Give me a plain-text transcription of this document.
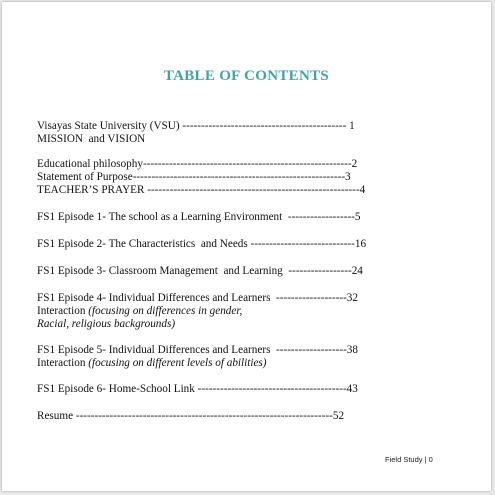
TABLE OF CONTENTS
Visayas State University (VSU) -------------------------------------------- 1
MISSION  and VISION
Educational philosophy--------------------------------------------------------2
Statement of Purpose---------------------------------------------------------3
TEACHER’S PRAYER ---------------------------------------------------------4
FS1 Episode 1- The school as a Learning Environment  ------------------5
FS1 Episode 2- The Characteristics  and Needs ----------------------------16
FS1 Episode 3- Classroom Management  and Learning  -----------------24
FS1 Episode 4- Individual Differences and Learners  -------------------32
Interaction (focusing on differences in gender,
Racial, religious backgrounds)
FS1 Episode 5- Individual Differences and Learners  -------------------38
Interaction (focusing on different levels of abilities)
FS1 Episode 6- Home-School Link ----------------------------------------43
Resume ---------------------------------------------------------------------52
Field Study | 0
